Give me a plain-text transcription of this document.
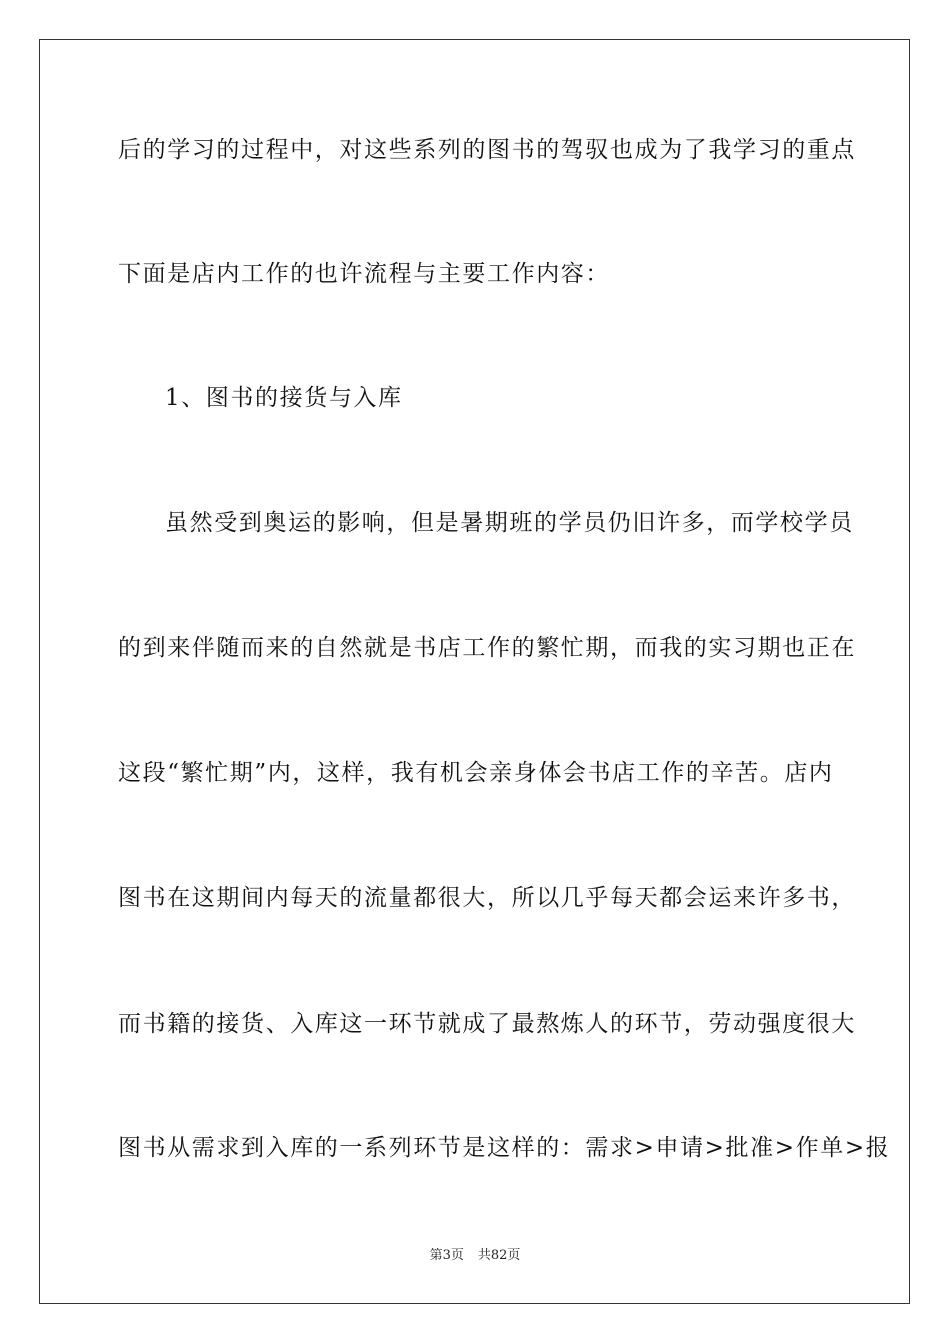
后的学习的过程中，对这些系列的图书的驾驭也成为了我学习的重点
下面是店内工作的也许流程与主要工作内容：
1、图书的接货与入库
虽然受到奥运的影响，但是暑期班的学员仍旧许多，而学校学员
的到来伴随而来的自然就是书店工作的繁忙期，而我的实习期也正在
这段“繁忙期”内，这样，我有机会亲身体会书店工作的辛苦。店内
图书在这期间内每天的流量都很大，所以几乎每天都会运来许多书，
而书籍的接货、入库这一环节就成了最熬炼人的环节，劳动强度很大
图书从需求到入库的一系列环节是这样的：需求>申请>批准>作单>报
第3页 共82页
